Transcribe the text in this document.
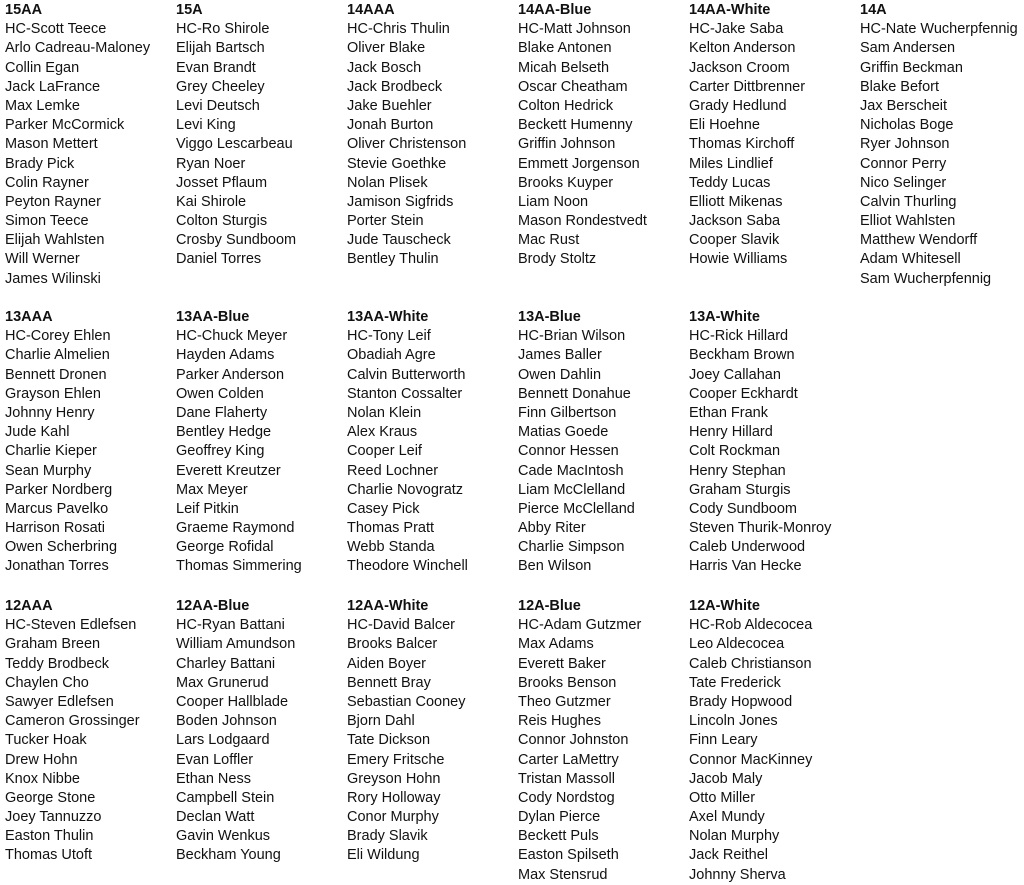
15AA
HC-Scott Teece
Arlo Cadreau-Maloney
Collin Egan
Jack LaFrance
Max Lemke
Parker McCormick
Mason Mettert
Brady Pick
Colin Rayner
Peyton Rayner
Simon Teece
Elijah Wahlsten
Will Werner
James Wilinski
15A
HC-Ro Shirole
Elijah Bartsch
Evan Brandt
Grey Cheeley
Levi Deutsch
Levi King
Viggo Lescarbeau
Ryan Noer
Josset Pflaum
Kai Shirole
Colton Sturgis
Crosby Sundboom
Daniel Torres
14AAA
HC-Chris Thulin
Oliver Blake
Jack Bosch
Jack Brodbeck
Jake Buehler
Jonah Burton
Oliver Christenson
Stevie Goethke
Nolan Plisek
Jamison Sigfrids
Porter Stein
Jude Tauscheck
Bentley Thulin
14AA-Blue
HC-Matt Johnson
Blake Antonen
Micah Belseth
Oscar Cheatham
Colton Hedrick
Beckett Humenny
Griffin Johnson
Emmett Jorgenson
Brooks Kuyper
Liam Noon
Mason Rondestvedt
Mac Rust
Brody Stoltz
14AA-White
HC-Jake Saba
Kelton Anderson
Jackson Croom
Carter Dittbrenner
Grady Hedlund
Eli Hoehne
Thomas Kirchoff
Miles Lindlief
Teddy Lucas
Elliott Mikenas
Jackson Saba
Cooper Slavik
Howie Williams
14A
HC-Nate Wucherpfennig
Sam Andersen
Griffin Beckman
Blake Befort
Jax Berscheit
Nicholas Boge
Ryer Johnson
Connor Perry
Nico Selinger
Calvin Thurling
Elliot Wahlsten
Matthew Wendorff
Adam Whitesell
Sam Wucherpfennig
13AAA
HC-Corey Ehlen
Charlie Almelien
Bennett Dronen
Grayson Ehlen
Johnny Henry
Jude Kahl
Charlie Kieper
Sean Murphy
Parker Nordberg
Marcus Pavelko
Harrison Rosati
Owen Scherbring
Jonathan Torres
13AA-Blue
HC-Chuck Meyer
Hayden Adams
Parker Anderson
Owen Colden
Dane Flaherty
Bentley Hedge
Geoffrey King
Everett Kreutzer
Max Meyer
Leif Pitkin
Graeme Raymond
George Rofidal
Thomas Simmering
13AA-White
HC-Tony Leif
Obadiah Agre
Calvin Butterworth
Stanton Cossalter
Nolan Klein
Alex Kraus
Cooper Leif
Reed Lochner
Charlie Novogratz
Casey Pick
Thomas Pratt
Webb Standa
Theodore Winchell
13A-Blue
HC-Brian Wilson
James Baller
Owen Dahlin
Bennett Donahue
Finn Gilbertson
Matias Goede
Connor Hessen
Cade MacIntosh
Liam McClelland
Pierce McClelland
Abby Riter
Charlie Simpson
Ben Wilson
13A-White
HC-Rick Hillard
Beckham Brown
Joey Callahan
Cooper Eckhardt
Ethan Frank
Henry Hillard
Colt Rockman
Henry Stephan
Graham Sturgis
Cody Sundboom
Steven Thurik-Monroy
Caleb Underwood
Harris Van Hecke
12AAA
HC-Steven Edlefsen
Graham Breen
Teddy Brodbeck
Chaylen Cho
Sawyer Edlefsen
Cameron Grossinger
Tucker Hoak
Drew Hohn
Knox Nibbe
George Stone
Joey Tannuzzo
Easton Thulin
Thomas Utoft
12AA-Blue
HC-Ryan Battani
William Amundson
Charley Battani
Max Grunerud
Cooper Hallblade
Boden Johnson
Lars Lodgaard
Evan Loffler
Ethan Ness
Campbell Stein
Declan Watt
Gavin Wenkus
Beckham Young
12AA-White
HC-David Balcer
Brooks Balcer
Aiden Boyer
Bennett Bray
Sebastian Cooney
Bjorn Dahl
Tate Dickson
Emery Fritsche
Greyson Hohn
Rory Holloway
Conor Murphy
Brady Slavik
Eli Wildung
12A-Blue
HC-Adam Gutzmer
Max Adams
Everett Baker
Brooks Benson
Theo Gutzmer
Reis Hughes
Connor Johnston
Carter LaMettry
Tristan Massoll
Cody Nordstog
Dylan Pierce
Beckett Puls
Easton Spilseth
Max Stensrud
12A-White
HC-Rob Aldecocea
Leo Aldecocea
Caleb Christianson
Tate Frederick
Brady Hopwood
Lincoln Jones
Finn Leary
Connor MacKinney
Jacob Maly
Otto Miller
Axel Mundy
Nolan Murphy
Jack Reithel
Johnny Sherva
